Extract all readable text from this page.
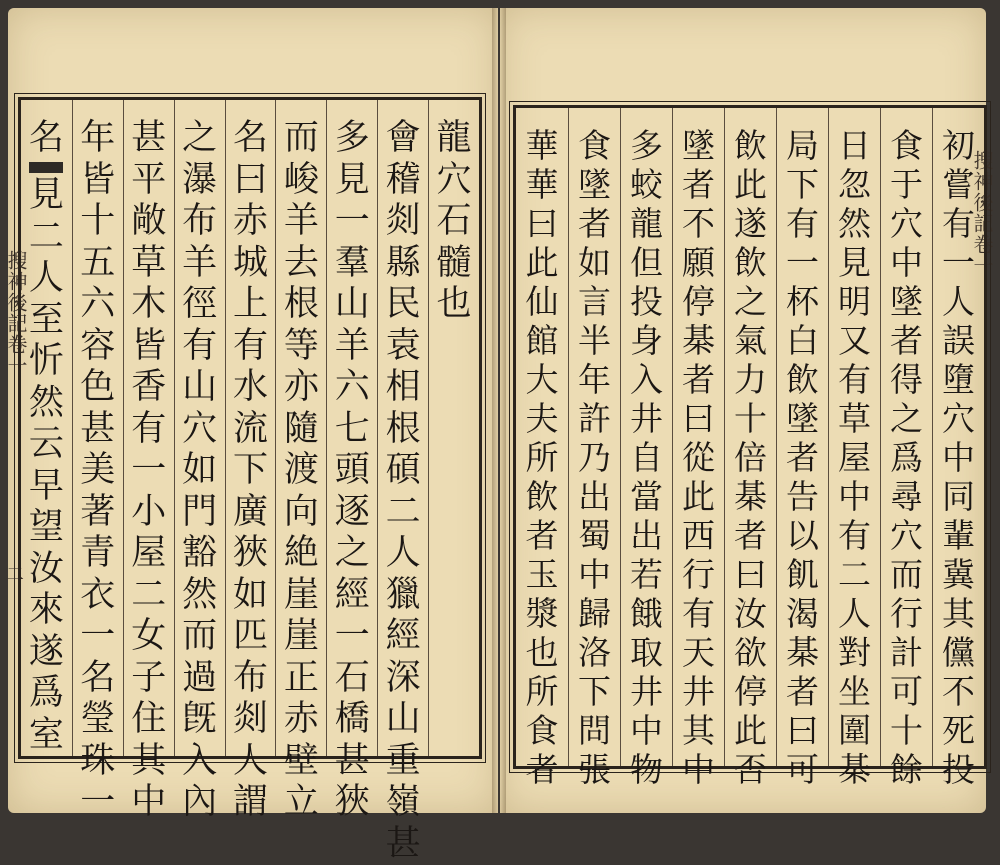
搜神後記卷一
二
搜神後記卷一
龍
穴
石
髓
也
會
稽
剡
縣
民
袁
相
根
碩
二
人
獵
經
深
山
重
嶺
甚
多
見
一
羣
山
羊
六
七
頭
逐
之
經
一
石
橋
甚
狹
而
峻
羊
去
根
等
亦
隨
渡
向
絶
崖
崖
正
赤
壁
立
名
曰
赤
城
上
有
水
流
下
廣
狹
如
匹
布
剡
人
謂
之
瀑
布
羊
徑
有
山
穴
如
門
豁
然
而
過
旣
入
內
甚
平
敞
草
木
皆
香
有
一
小
屋
二
女
子
住
其
中
年
皆
十
五
六
容
色
甚
美
著
青
衣
一
名
瑩
珠
一
名
見
二
人
至
忻
然
云
早
望
汝
來
遂
爲
室
初
嘗
有
一
人
誤
墮
穴
中
同
輩
冀
其
儻
不
死
投
食
于
穴
中
墜
者
得
之
爲
尋
穴
而
行
計
可
十
餘
日
忽
然
見
明
又
有
草
屋
中
有
二
人
對
坐
圍
棊
局
下
有
一
杯
白
飲
墜
者
告
以
飢
渴
棊
者
曰
可
飲
此
遂
飲
之
氣
力
十
倍
棊
者
曰
汝
欲
停
此
否
墜
者
不
願
停
棊
者
曰
從
此
西
行
有
天
井
其
中
多
蛟
龍
但
投
身
入
井
自
當
出
若
餓
取
井
中
物
食
墜
者
如
言
半
年
許
乃
出
蜀
中
歸
洛
下
問
張
華
華
曰
此
仙
館
大
夫
所
飲
者
玉
漿
也
所
食
者
